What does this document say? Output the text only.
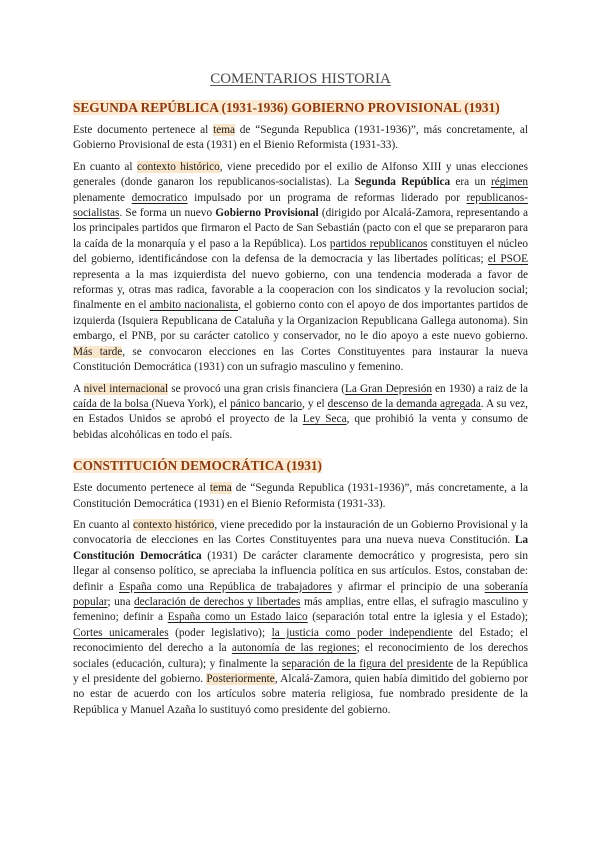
COMENTARIOS HISTORIA
SEGUNDA REPÚBLICA (1931-1936) GOBIERNO PROVISIONAL (1931)

Este documento pertenece al tema de “Segunda Republica (1931-1936)”, más concretamente, al Gobierno Provisional de esta (1931) en el Bienio Reformista (1931-33).

En cuanto al contexto histórico, viene precedido por el exilio de Alfonso XIII y unas elecciones generales (donde ganaron los republicanos-socialistas). La Segunda República era un régimen plenamente democratico impulsado por un programa de reformas liderado por republicanos-socialistas. Se forma un nuevo Gobierno Provisional (dirigido por Alcalá-Zamora, representando a los principales partidos que firmaron el Pacto de San Sebastián (pacto con el que se prepararon para la caída de la monarquía y el paso a la República). Los partidos republicanos constituyen el núcleo del gobierno, identificándose con la defensa de la democracia y las libertades políticas; el PSOE representa a la mas izquierdista del nuevo gobierno, con una tendencia moderada a favor de reformas y, otras mas radica, favorable a la cooperacion con los sindicatos y la revolucion social; finalmente en el ambito nacionalista, el gobierno conto con el apoyo de dos importantes partidos de izquierda (Isquiera Republicana de Cataluña y la Organizacion Republicana Gallega autonoma). Sin embargo, el PNB, por su carácter catolico y conservador, no le dio apoyo a este nuevo gobierno. Más tarde, se convocaron elecciones en las Cortes Constituyentes para instaurar la nueva Constitución Democrática (1931) con un sufragio masculino y femenino.

A nivel internacional se provocó una gran crisis financiera (La Gran Depresión en 1930) a raiz de la caída de la bolsa (Nueva York), el pánico bancario, y el descenso de la demanda agregada. A su vez, en Estados Unidos se aprobó el proyecto de la Ley Seca, que prohibió la venta y consumo de bebidas alcohólicas en todo el país.

CONSTITUCIÓN DEMOCRÁTICA (1931)

Este documento pertenece al tema de “Segunda Republica (1931-1936)”, más concretamente, a la Constitución Democrática (1931) en el Bienio Reformista (1931-33).

En cuanto al contexto histórico, viene precedido por la instauración de un Gobierno Provisional y la convocatoria de elecciones en las Cortes Constituyentes para una nueva nueva Constitución. La Constitución Democrática (1931) De carácter claramente democrático y progresista, pero sin llegar al consenso político, se apreciaba la influencia política en sus artículos. Estos, constaban de: definir a España como una República de trabajadores y afirmar el principio de una soberanía popular; una declaración de derechos y libertades más amplias, entre ellas, el sufragio masculino y femenino; definir a España como un Estado laico (separación total entre la iglesia y el Estado); Cortes unicamerales (poder legislativo); la justicia como poder independiente del Estado; el reconocimiento del derecho a la autonomía de las regiones; el reconocimiento de los derechos sociales (educación, cultura); y finalmente la separación de la figura del presidente de la República y el presidente del gobierno. Posteriormente, Alcalá-Zamora, quien había dimitido del gobierno por no estar de acuerdo con los artículos sobre materia religiosa, fue nombrado presidente de la República y Manuel Azaña lo sustituyó como presidente del gobierno.
